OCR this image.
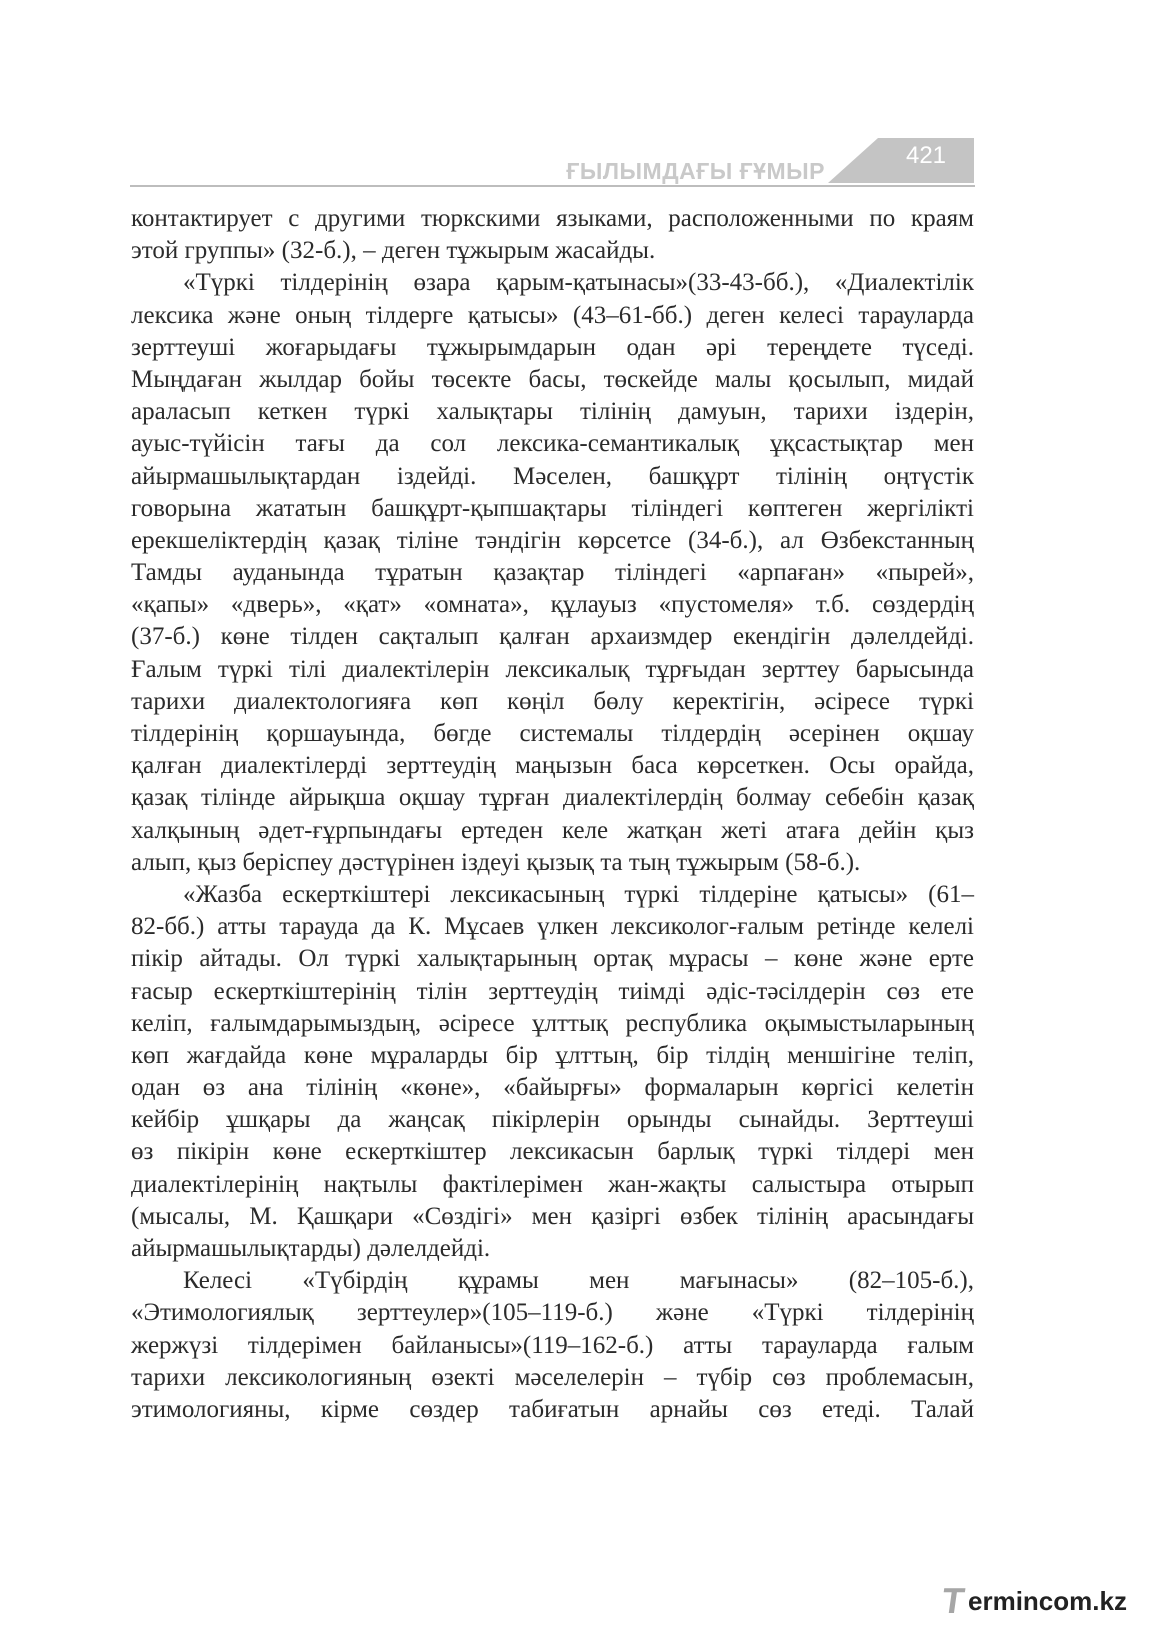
ҒЫЛЫМДАҒЫ ҒҰМЫР
421
контактирует с другими тюркскими языками, расположенными по краям
этой группы» (32-б.), – деген тұжырым жасайды.
«Түркі тілдерінің өзара қарым-қатынасы»(33-43-бб.), «Диалектілік
лексика және оның тілдерге қатысы» (43–61-бб.) деген келесі тарауларда
зерттеуші жоғарыдағы тұжырымдарын одан әрі тереңдете түседі.
Мыңдаған жылдар бойы төсекте басы, төскейде малы қосылып, мидай
араласып кеткен түркі халықтары тілінің дамуын, тарихи іздерін,
ауыс-түйісін тағы да сол лексика-семантикалық ұқсастықтар мен
айырмашылықтардан іздейді. Мәселен, башқұрт тілінің оңтүстік
говорына жататын башқұрт-қыпшақтары тіліндегі көптеген жергілікті
ерекшеліктердің қазақ тіліне тәндігін көрсетсе (34-б.), ал Өзбекстанның
Тамды ауданында тұратын қазақтар тіліндегі «арпаған» «пырей»,
«қапы» «дверь», «қат» «омната», құлауыз «пустомеля» т.б. сөздердің
(37-б.) көне тілден сақталып қалған архаизмдер екендігін дәлелдейді.
Ғалым түркі тілі диалектілерін лексикалық тұрғыдан зерттеу барысында
тарихи диалектологияға көп көңіл бөлу керектігін, әсіресе түркі
тілдерінің қоршауында, бөгде системалы тілдердің әсерінен оқшау
қалған диалектілерді зерттеудің маңызын баса көрсеткен. Осы орайда,
қазақ тілінде айрықша оқшау тұрған диалектілердің болмау себебін қазақ
халқының әдет-ғұрпындағы ертеден келе жатқан жеті атаға дейін қыз
алып, қыз беріспеу дәстүрінен іздеуі қызық та тың тұжырым (58-б.).
«Жазба ескерткіштері лексикасының түркі тілдеріне қатысы» (61–
82-бб.) атты тарауда да К. Мұсаев үлкен лексиколог-ғалым ретінде келелі
пікір айтады. Ол түркі халықтарының ортақ мұрасы – көне және ерте
ғасыр ескерткіштерінің тілін зерттеудің тиімді әдіс-тәсілдерін сөз ете
келіп, ғалымдарымыздың, әсіресе ұлттық республика оқымыстыларының
көп жағдайда көне мұраларды бір ұлттың, бір тілдің меншігіне теліп,
одан өз ана тілінің «көне», «байырғы» формаларын көргісі келетін
кейбір ұшқары да жаңсақ пікірлерін орынды сынайды. Зерттеуші
өз пікірін көне ескерткіштер лексикасын барлық түркі тілдері мен
диалектілерінің нақтылы фактілерімен жан-жақты салыстыра отырып
(мысалы, М. Қашқари «Сөздігі» мен қазіргі өзбек тілінің арасындағы
айырмашылықтарды) дәлелдейді.
Келесі «Түбірдің құрамы мен мағынасы» (82–105-б.),
«Этимологиялық зерттеулер»(105–119-б.) және «Түркі тілдерінің
жержүзі тілдерімен байланысы»(119–162-б.) атты тарауларда ғалым
тарихи лексикологияның өзекті мәселелерін – түбір сөз проблемасын,
этимологияны, кірме сөздер табиғатын арнайы сөз етеді. Талай
T ermincom.kz
